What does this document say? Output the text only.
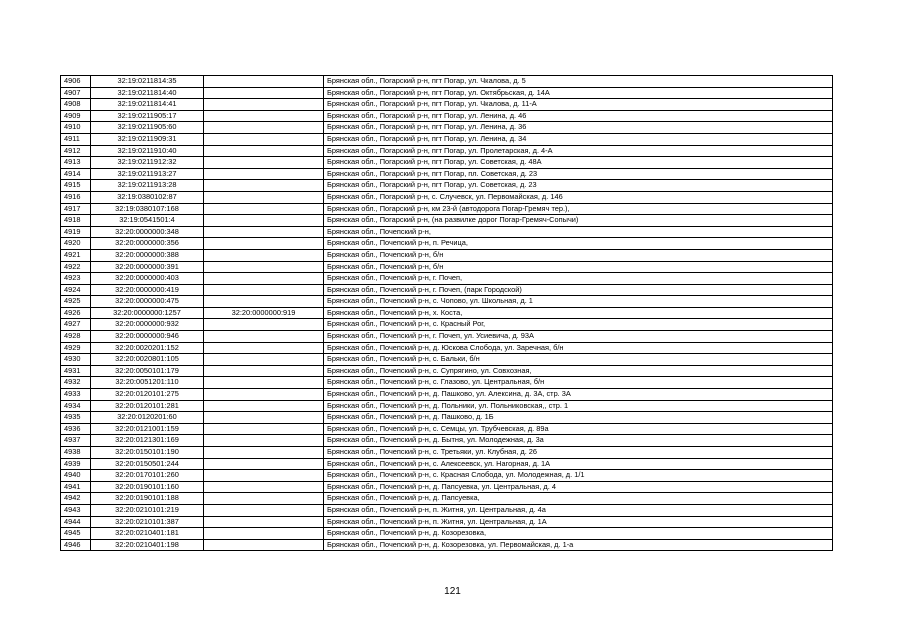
4906	32:19:0211814:35		Брянская обл., Погарский р-н, пгт Погар, ул. Чкалова, д. 5
4907	32:19:0211814:40		Брянская обл., Погарский р-н, пгт Погар, ул. Октябрьская, д. 14А
4908	32:19:0211814:41		Брянская обл., Погарский р-н, пгт Погар, ул. Чкалова, д. 11-А
4909	32:19:0211905:17		Брянская обл., Погарский р-н, пгт Погар, ул. Ленина, д. 46
4910	32:19:0211905:60		Брянская обл., Погарский р-н, пгт Погар, ул. Ленина, д. 36
4911	32:19:0211909:31		Брянская обл., Погарский р-н, пгт Погар, ул. Ленина, д. 34
4912	32:19:0211910:40		Брянская обл., Погарский р-н, пгт Погар, ул. Пролетарская, д. 4-А
4913	32:19:0211912:32		Брянская обл., Погарский р-н, пгт Погар, ул. Советская, д. 48А
4914	32:19:0211913:27		Брянская обл., Погарский р-н, пгт Погар, пл. Советская, д. 23
4915	32:19:0211913:28		Брянская обл., Погарский р-н, пгт Погар, ул. Советская, д. 23
4916	32:19:0380102:87		Брянская обл., Погарский р-н, с. Случевск, ул. Первомайская, д. 146
4917	32:19:0380107:168		Брянская обл., Погарский р-н, км 23-й (автодорога Погар-Гремяч тер.),
4918	32:19:0541501:4		Брянская обл., Погарский р-н, (на развилке дорог Погар-Гремяч-Сопычи)
4919	32:20:0000000:348		Брянская обл., Почепский р-н,
4920	32:20:0000000:356		Брянская обл., Почепский р-н, п. Речица,
4921	32:20:0000000:388		Брянская обл., Почепский р-н, б/н
4922	32:20:0000000:391		Брянская обл., Почепский р-н, б/н
4923	32:20:0000000:403		Брянская обл., Почепский р-н, г. Почеп,
4924	32:20:0000000:419		Брянская обл., Почепский р-н, г. Почеп, (парк Городской)
4925	32:20:0000000:475		Брянская обл., Почепский р-н, с. Чопово, ул. Школьная, д. 1
4926	32:20:0000000:1257	32:20:0000000:919	Брянская обл., Почепский р-н, х. Коста,
4927	32:20:0000000:932		Брянская обл., Почепский р-н, с. Красный Рог,
4928	32:20:0000000:946		Брянская обл., Почепский р-н, г. Почеп, ул. Усиевича, д. 93А
4929	32:20:0020201:152		Брянская обл., Почепский р-н, д. Юскова Слобода, ул. Заречная, б/н
4930	32:20:0020801:105		Брянская обл., Почепский р-н, с. Бальки, б/н
4931	32:20:0050101:179		Брянская обл., Почепский р-н, с. Супрягино, ул. Совхозная,
4932	32:20:0051201:110		Брянская обл., Почепский р-н, с. Глазово, ул. Центральная, б/н
4933	32:20:0120101:275		Брянская обл., Почепский р-н, д. Пашково, ул. Алексина, д. 3А, стр. 3А
4934	32:20:0120101:281		Брянская обл., Почепский р-н, д. Польники, ул. Польниковская,, стр. 1
4935	32:20:0120201:60		Брянская обл., Почепский р-н, д. Пашково, д. 1Б
4936	32:20:0121001:159		Брянская обл., Почепский р-н, с. Семцы, ул. Трубчевская, д. 89а
4937	32:20:0121301:169		Брянская обл., Почепский р-н, д. Бытня, ул. Молодежная, д. 3а
4938	32:20:0150101:190		Брянская обл., Почепский р-н, с. Третьяки, ул. Клубная, д. 26
4939	32:20:0150501:244		Брянская обл., Почепский р-н, с. Алексеевск, ул. Нагорная, д. 1А
4940	32:20:0170101:260		Брянская обл., Почепский р-н, с. Красная Слобода, ул. Молодежная, д. 1/1
4941	32:20:0190101:160		Брянская обл., Почепский р-н, д. Папсуевка, ул. Центральная, д. 4
4942	32:20:0190101:188		Брянская обл., Почепский р-н, д. Папсуевка,
4943	32:20:0210101:219		Брянская обл., Почепский р-н, п. Житня, ул. Центральная, д. 4а
4944	32:20:0210101:387		Брянская обл., Почепский р-н, п. Житня, ул. Центральная, д. 1А
4945	32:20:0210401:181		Брянская обл., Почепский р-н, д. Козорезовка,
4946	32:20:0210401:198		Брянская обл., Почепский р-н, д. Козорезовка, ул. Первомайская, д. 1-а
121
